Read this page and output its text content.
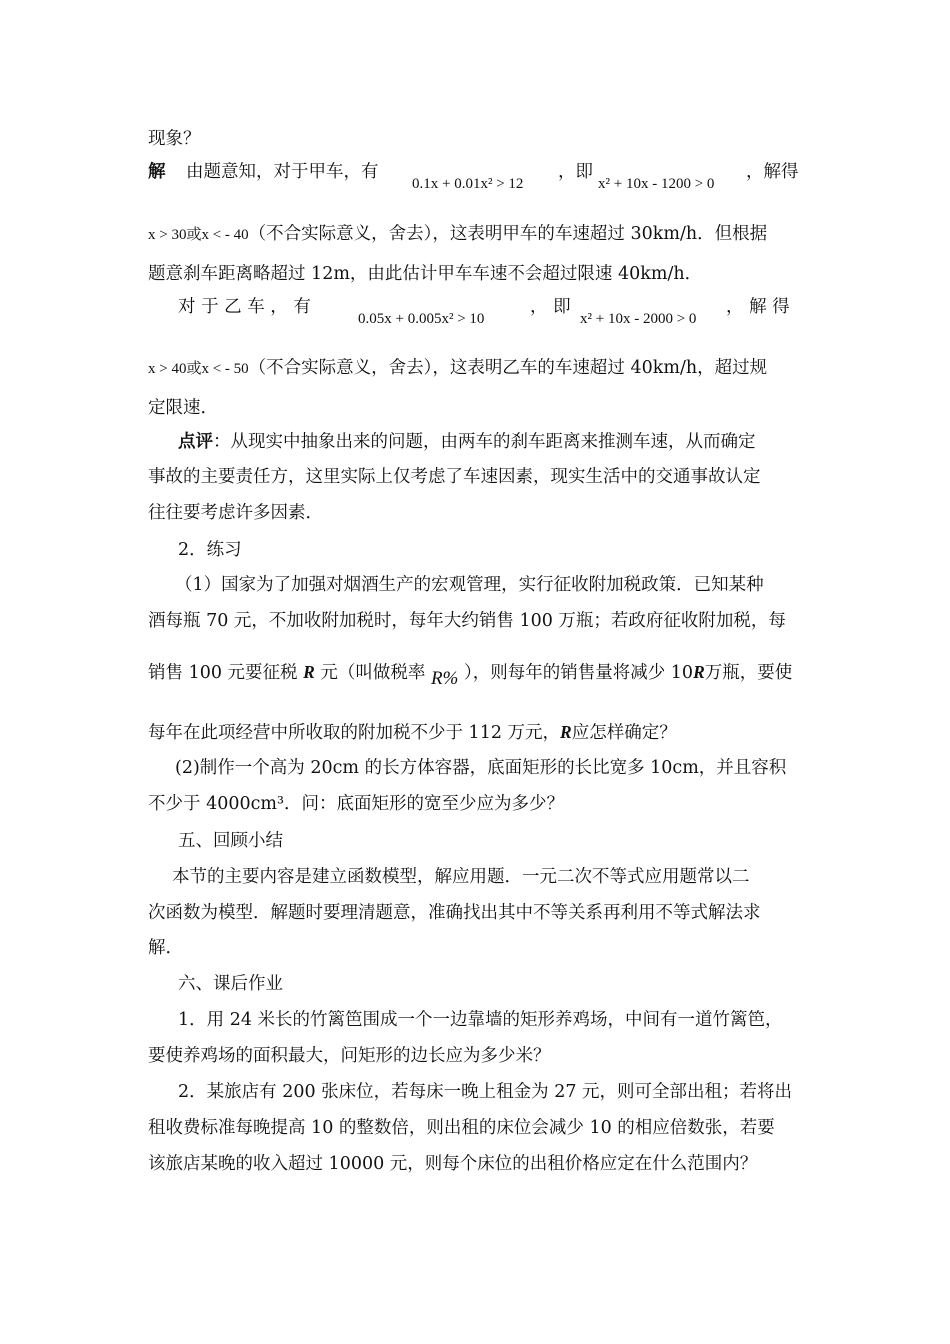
现象？
解 由题意知，对于甲车，有
0.1x + 0.01x² > 12
，即
x² + 10x - 1200 > 0
，解得
x > 30或x < - 40（不合实际意义，舍去），这表明甲车的车速超过 30km/h．但根据
题意刹车距离略超过 12m，由此估计甲车车速不会超过限速 40km/h．
对 于 乙 车 ， 有
0.05x + 0.005x² > 10
， 即
x² + 10x - 2000 > 0
， 解 得
x > 40或x < - 50（不合实际意义，舍去），这表明乙车的车速超过 40km/h，超过规
定限速．
点评：从现实中抽象出来的问题，由两车的刹车距离来推测车速，从而确定
事故的主要责任方，这里实际上仅考虑了车速因素，现实生活中的交通事故认定
往往要考虑许多因素．
2．练习
（1）国家为了加强对烟酒生产的宏观管理，实行征收附加税政策．已知某种
酒每瓶 70 元，不加收附加税时，每年大约销售 100 万瓶；若政府征收附加税，每
销售 100 元要征税 R 元（叫做税率 R% ），则每年的销售量将减少 10R万瓶，要使
每年在此项经营中所收取的附加税不少于 112 万元，R应怎样确定？
(2)制作一个高为 20cm 的长方体容器，底面矩形的长比宽多 10cm，并且容积
不少于 4000cm³．问：底面矩形的宽至少应为多少？
五、回顾小结
本节的主要内容是建立函数模型，解应用题．一元二次不等式应用题常以二
次函数为模型．解题时要理清题意，准确找出其中不等关系再利用不等式解法求
解．
六、课后作业
1．用 24 米长的竹篱笆围成一个一边靠墙的矩形养鸡场，中间有一道竹篱笆，
要使养鸡场的面积最大，问矩形的边长应为多少米？
2．某旅店有 200 张床位，若每床一晚上租金为 27 元，则可全部出租；若将出
租收费标准每晚提高 10 的整数倍，则出租的床位会减少 10 的相应倍数张，若要
该旅店某晚的收入超过 10000 元，则每个床位的出租价格应定在什么范围内？
